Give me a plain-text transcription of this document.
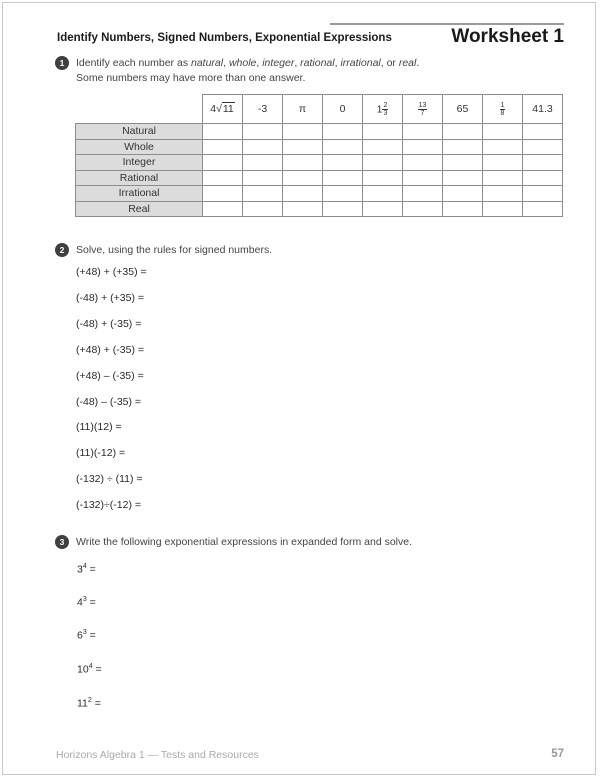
Identify Numbers, Signed Numbers, Exponential Expressions	Worksheet 1
1	Identify each number as natural, whole, integer, rational, irrational, or real.
Some numbers may have more than one answer.
	4√11	-3	π	0	$1 \frac{2}{3}$	$\frac{13}{7}$	65	$\frac{1}{8}$	41.3
Natural									
Whole									
Integer									
Rational									
Irrational									
Real									
2	Solve, using the rules for signed numbers.
(+48) + (+35) =
(-48) + (+35) =
(-48) + (-35) =
(+48) + (-35) =
(+48) – (-35) =
(-48) – (-35) =
(11)(12) =
(11)(-12) =
(-132) ÷ (11) =
(-132)÷(-12) =
3	Write the following exponential expressions in expanded form and solve.
$3^4$ =
$4^3$ =
$6^3$ =
$10^4$ =
$11^2$ =
Horizons Algebra 1 — Tests and Resources	57
